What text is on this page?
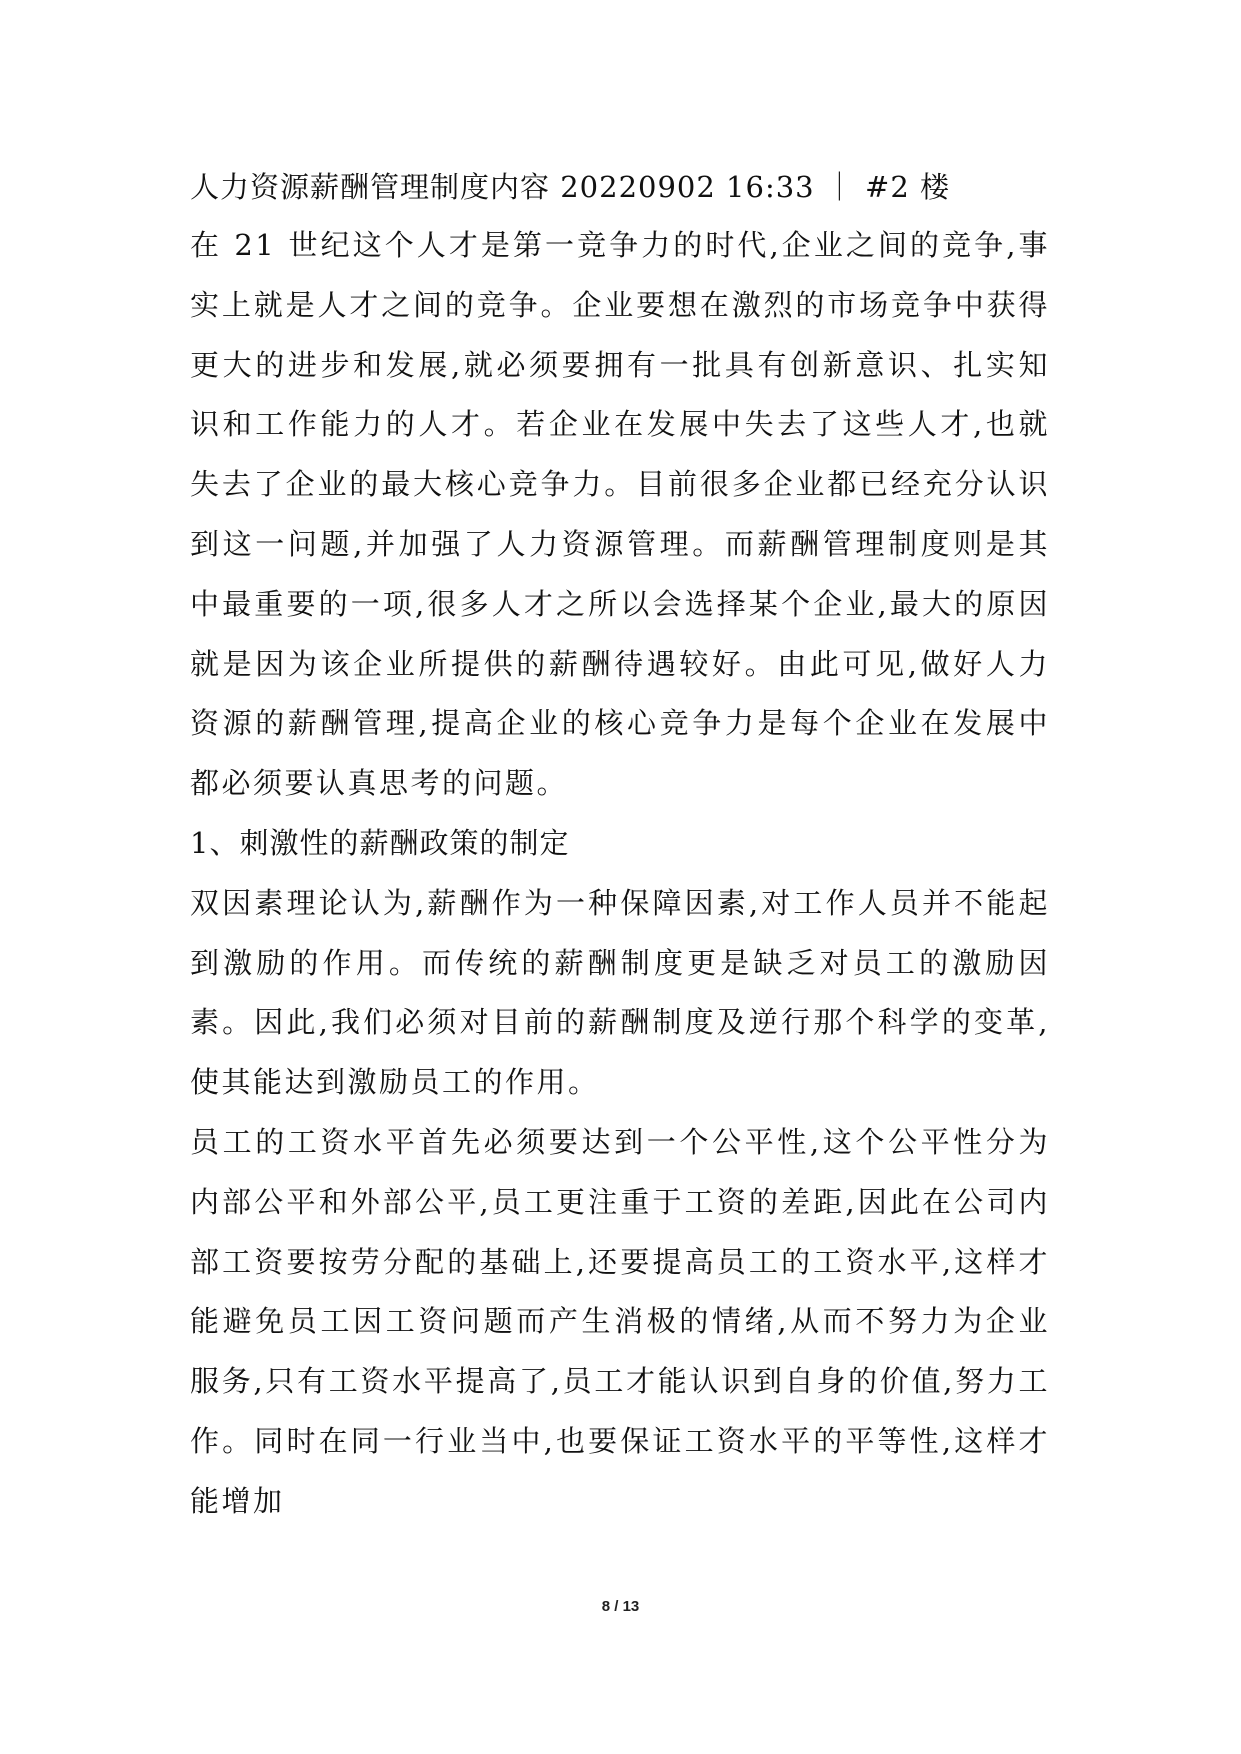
人力资源薪酬管理制度内容 20220902 16:33 ｜ #2 楼

在 21 世纪这个人才是第一竞争力的时代,企业之间的竞争,事实上就是人才之间的竞争。企业要想在激烈的市场竞争中获得更大的进步和发展,就必须要拥有一批具有创新意识、扎实知识和工作能力的人才。若企业在发展中失去了这些人才,也就失去了企业的最大核心竞争力。目前很多企业都已经充分认识到这一问题,并加强了人力资源管理。而薪酬管理制度则是其中最重要的一项,很多人才之所以会选择某个企业,最大的原因就是因为该企业所提供的薪酬待遇较好。由此可见,做好人力资源的薪酬管理,提高企业的核心竞争力是每个企业在发展中都必须要认真思考的问题。

1、刺激性的薪酬政策的制定

双因素理论认为,薪酬作为一种保障因素,对工作人员并不能起到激励的作用。而传统的薪酬制度更是缺乏对员工的激励因素。因此,我们必须对目前的薪酬制度及逆行那个科学的变革,使其能达到激励员工的作用。

员工的工资水平首先必须要达到一个公平性,这个公平性分为内部公平和外部公平,员工更注重于工资的差距,因此在公司内部工资要按劳分配的基础上,还要提高员工的工资水平,这样才能避免员工因工资问题而产生消极的情绪,从而不努力为企业服务,只有工资水平提高了,员工才能认识到自身的价值,努力工作。同时在同一行业当中,也要保证工资水平的平等性,这样才能增加

8 / 13
